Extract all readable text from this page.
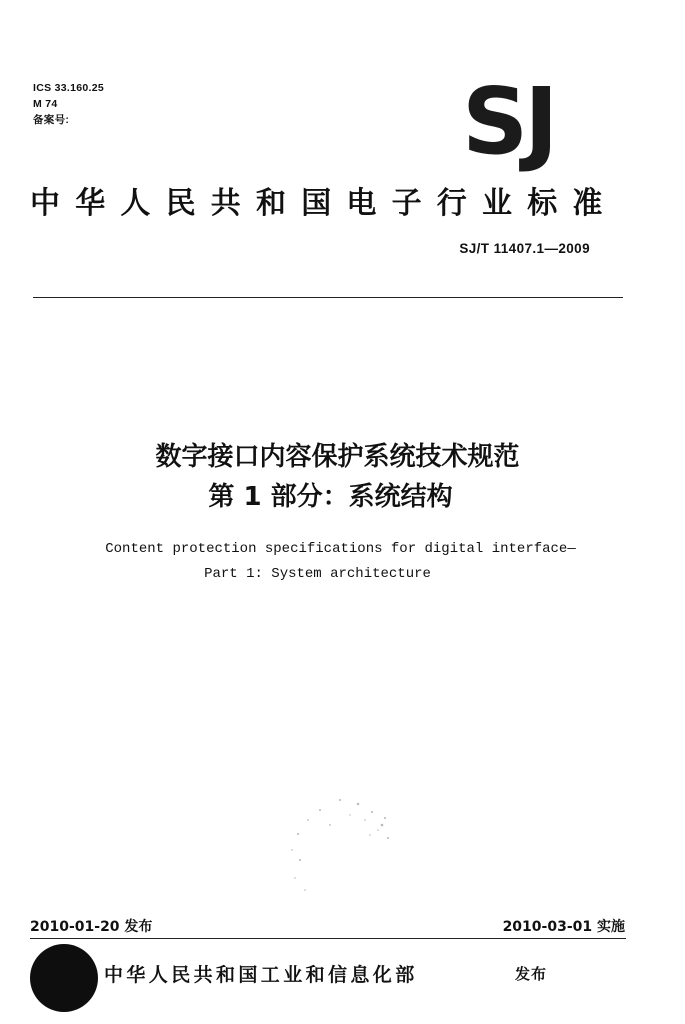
ICS 33.160.25
M 74
备案号:	SJ
中华人民共和国电子行业标准
SJ/T 11407.1—2009
数字接口内容保护系统技术规范
第 1 部分：系统结构
Content protection specifications for digital interface—
Part 1: System architecture
2010-01-20 发布	2010-03-01 实施
中华人民共和国工业和信息化部	发布
